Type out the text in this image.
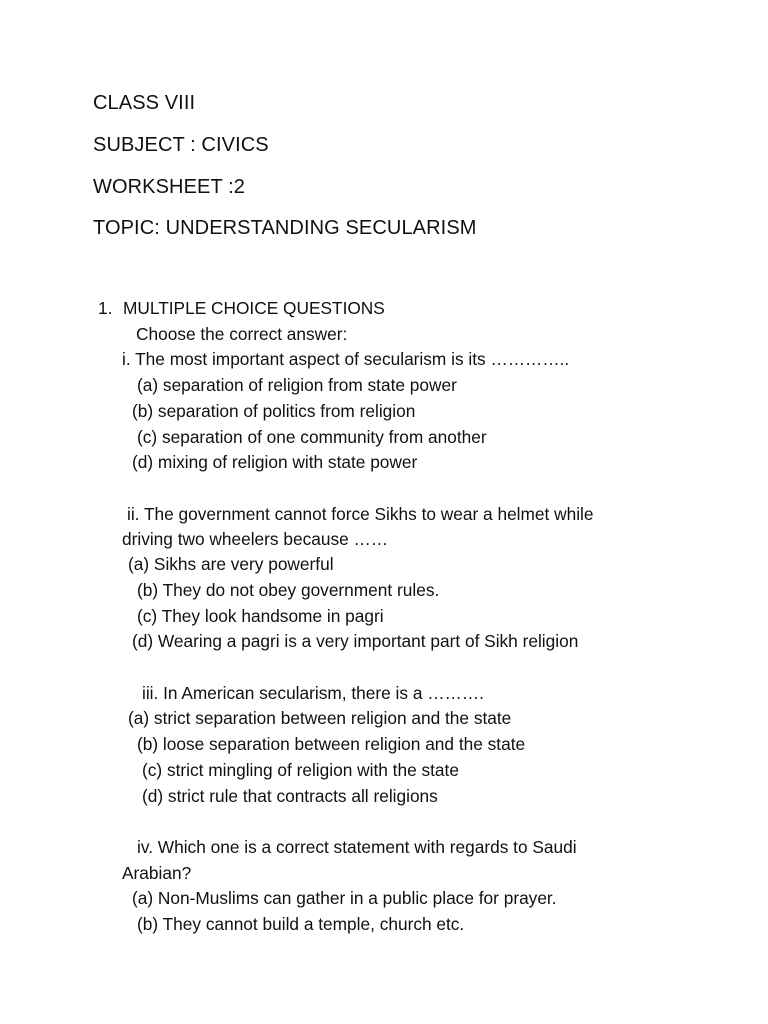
CLASS VIII
SUBJECT : CIVICS
WORKSHEET :2
TOPIC: UNDERSTANDING SECULARISM
1. MULTIPLE CHOICE QUESTIONS
Choose the correct answer:
i. The most important aspect of secularism is its …………..
(a) separation of religion from state power
(b) separation of politics from religion
(c) separation of one community from another
(d) mixing of religion with state power
ii. The government cannot force Sikhs to wear a helmet while
driving two wheelers because ……
(a) Sikhs are very powerful
(b) They do not obey government rules.
(c) They look handsome in pagri
(d) Wearing a pagri is a very important part of Sikh religion
iii. In American secularism, there is a ……….
(a) strict separation between religion and the state
(b) loose separation between religion and the state
(c) strict mingling of religion with the state
(d) strict rule that contracts all religions
iv. Which one is a correct statement with regards to Saudi
Arabian?
(a) Non-Muslims can gather in a public place for prayer.
(b) They cannot build a temple, church etc.
